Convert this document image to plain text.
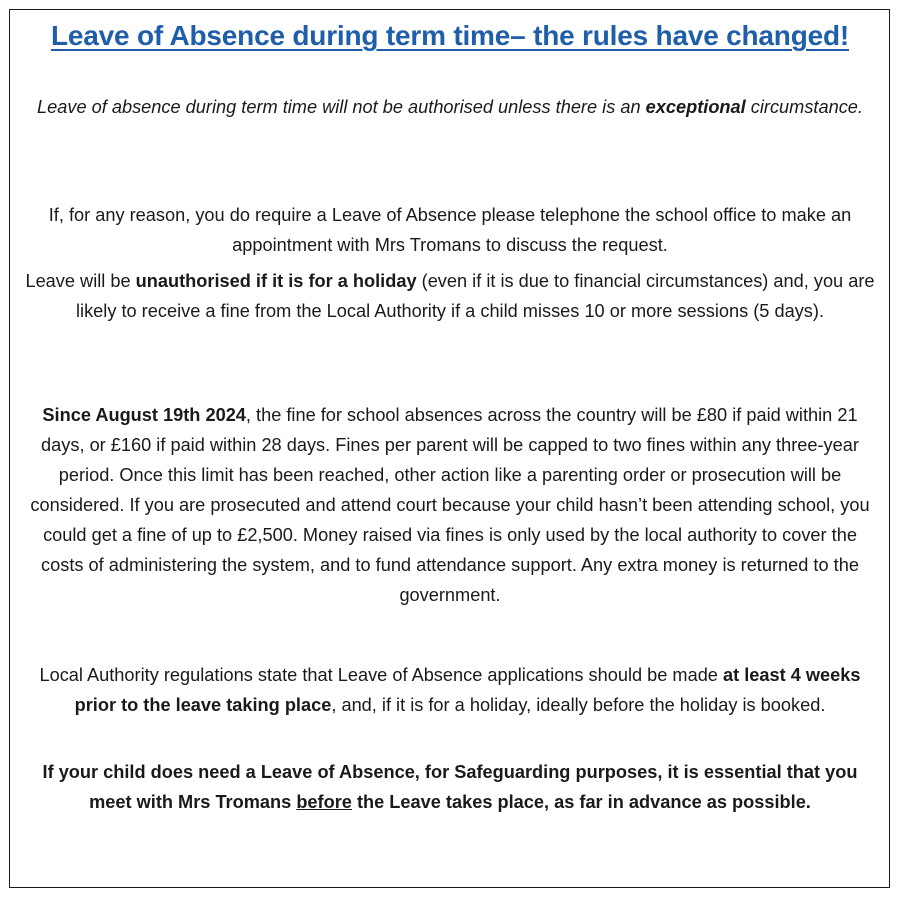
Leave of Absence during term time– the rules have changed!

Leave of absence during term time will not be authorised unless there is an exceptional circumstance.

If, for any reason, you do require a Leave of Absence please telephone the school office to make an appointment with Mrs Tromans to discuss the request.

Leave will be unauthorised if it is for a holiday (even if it is due to financial circumstances) and, you are likely to receive a fine from the Local Authority if a child misses 10 or more sessions (5 days).

Since August 19th 2024, the fine for school absences across the country will be £80 if paid within 21 days, or £160 if paid within 28 days. Fines per parent will be capped to two fines within any three-year period. Once this limit has been reached, other action like a parenting order or prosecution will be considered. If you are prosecuted and attend court because your child hasn’t been attending school, you could get a fine of up to £2,500. Money raised via fines is only used by the local authority to cover the costs of administering the system, and to fund attendance support. Any extra money is returned to the government.

Local Authority regulations state that Leave of Absence applications should be made at least 4 weeks prior to the leave taking place, and, if it is for a holiday, ideally before the holiday is booked.

If your child does need a Leave of Absence, for Safeguarding purposes, it is essential that you meet with Mrs Tromans before the Leave takes place, as far in advance as possible.
